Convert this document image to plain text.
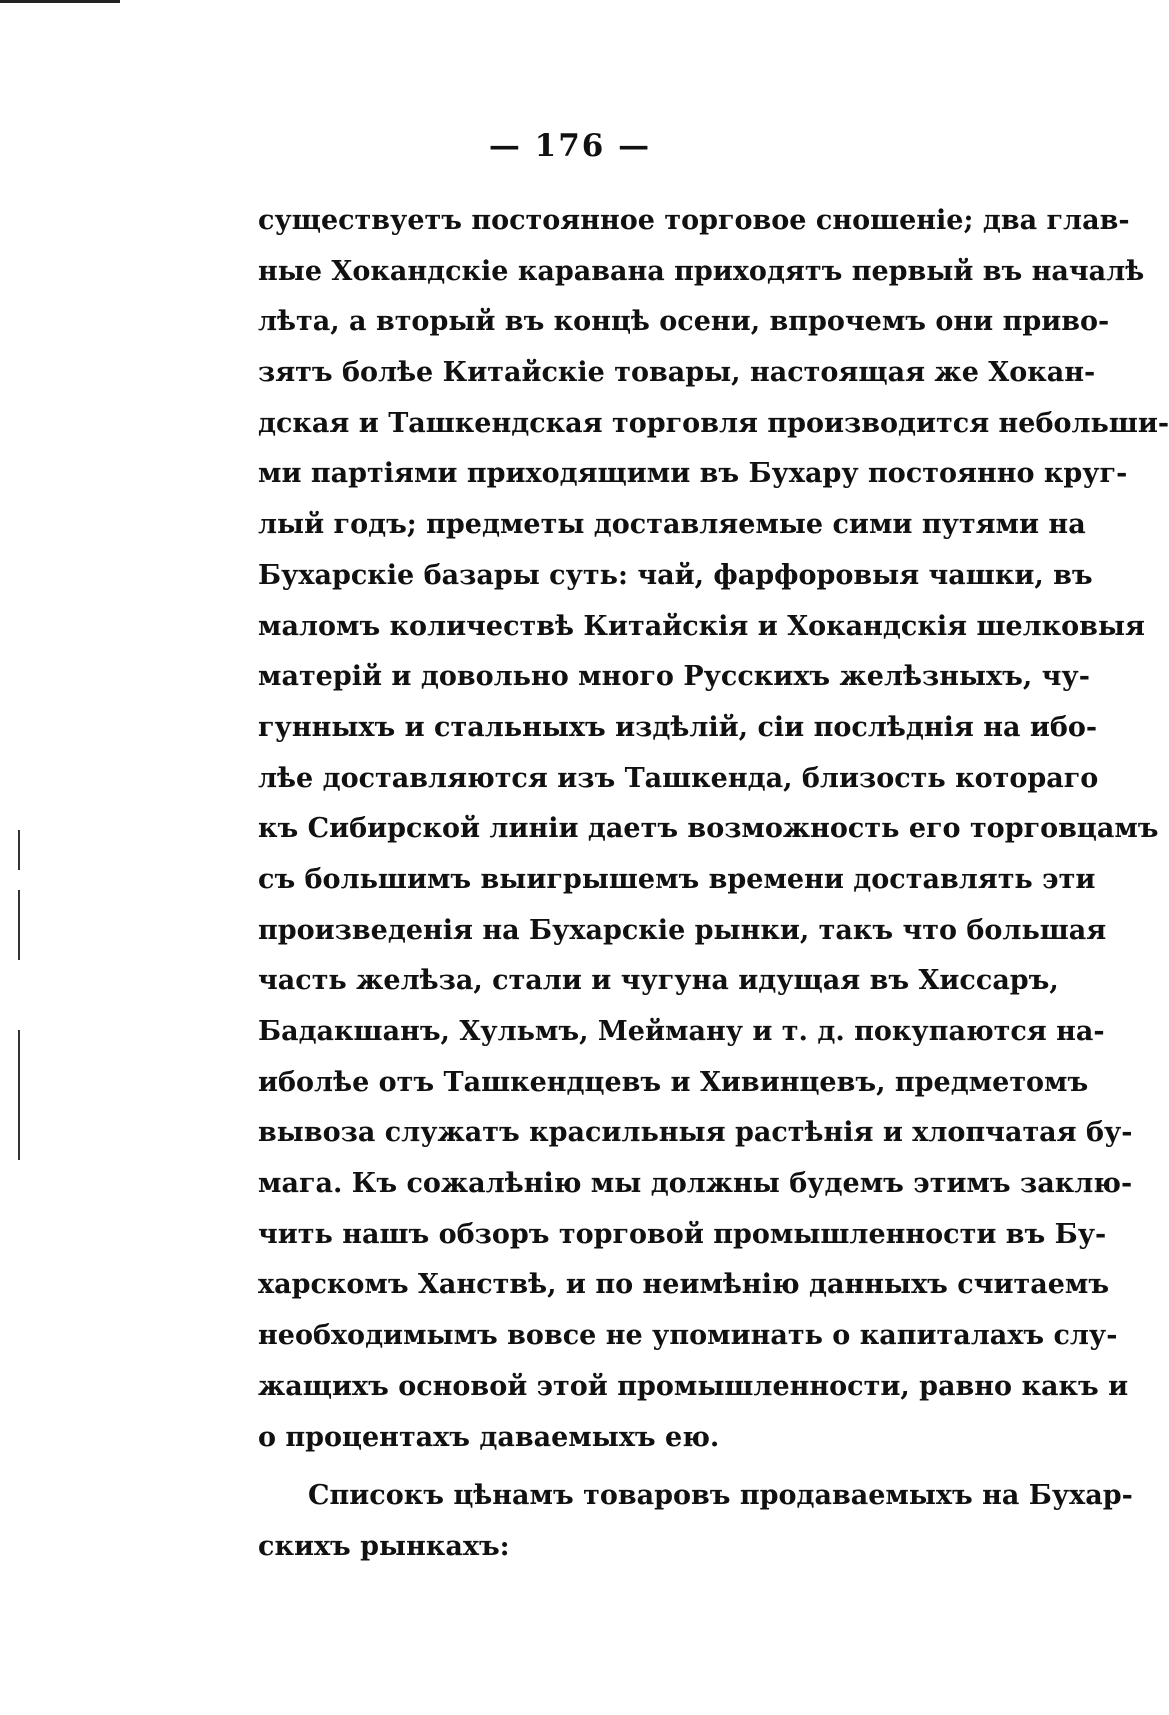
— 176 —
существуетъ постоянное торговое сношеніе; два глав-
ные Хокандскіе каравана приходятъ первый въ началѣ
лѣта, а вторый въ концѣ осени, впрочемъ они приво-
зятъ болѣе Китайскіе товары, настоящая же Хокан-
дская и Ташкендская торговля производится небольши-
ми партіями приходящими въ Бухару постоянно круг-
лый годъ; предметы доставляемые сими путями на
Бухарскіе базары суть: чай, фарфоровыя чашки, въ
маломъ количествѣ Китайскія и Хокандскія шелковыя
матерій и довольно много Русскихъ желѣзныхъ, чу-
гунныхъ и стальныхъ издѣлій, сіи послѣднія на ибо-
лѣе доставляются изъ Ташкенда, близость котораго
къ Сибирской линіи даетъ возможность его торговцамъ
съ большимъ выигрышемъ времени доставлять эти
произведенія на Бухарскіе рынки, такъ что большая
часть желѣза, стали и чугуна идущая въ Хиссаръ,
Бадакшанъ, Хульмъ, Мейману и т. д. покупаются на-
иболѣе отъ Ташкендцевъ и Хивинцевъ, предметомъ
вывоза служатъ красильныя растѣнія и хлопчатая бу-
мага. Къ сожалѣнію мы должны будемъ этимъ заклю-
чить нашъ обзоръ торговой промышленности въ Бу-
харскомъ Ханствѣ, и по неимѣнію данныхъ считаемъ
необходимымъ вовсе не упоминать о капиталахъ слу-
жащихъ основой этой промышленности, равно какъ и
о процентахъ даваемыхъ ею.
Списокъ цѣнамъ товаровъ продаваемыхъ на Бухар-
скихъ рынкахъ:
